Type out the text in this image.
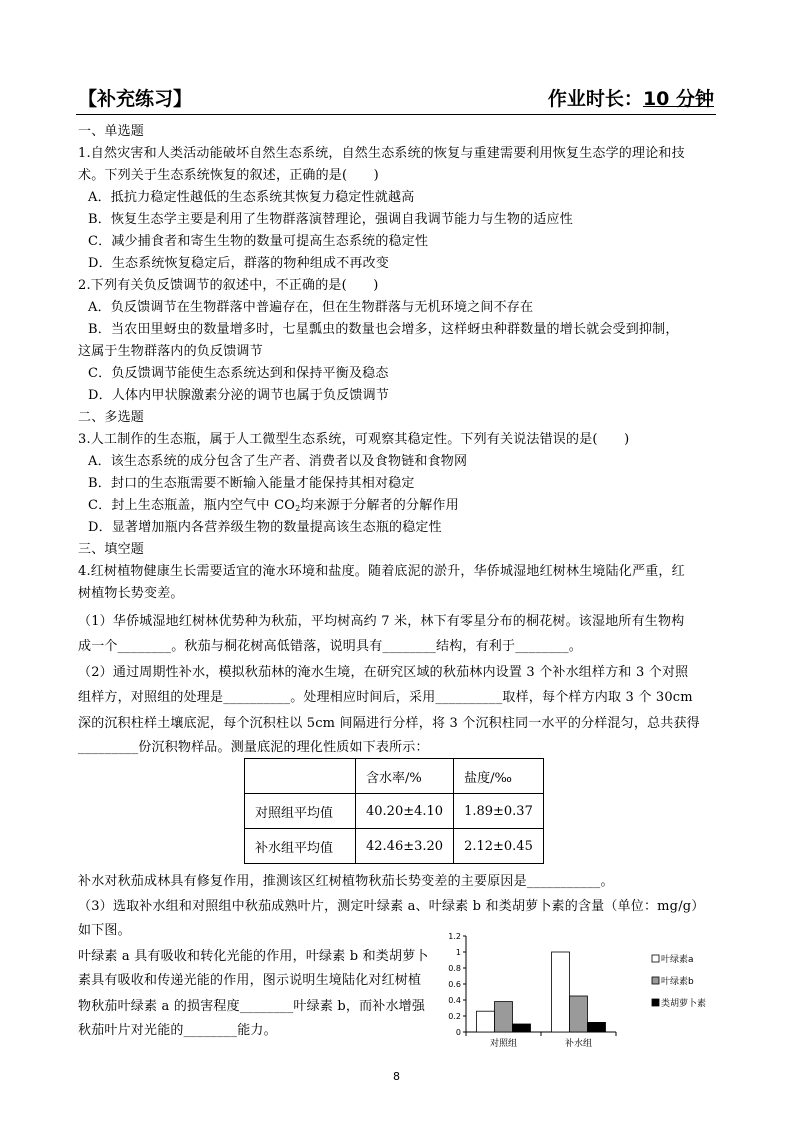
【补充练习】	作业时长：10 分钟
一、单选题
1.自然灾害和人类活动能破坏自然生态系统，自然生态系统的恢复与重建需要利用恢复生态学的理论和技
术。下列关于生态系统恢复的叙述，正确的是(　　)
A．抵抗力稳定性越低的生态系统其恢复力稳定性就越高
B．恢复生态学主要是利用了生物群落演替理论，强调自我调节能力与生物的适应性
C．减少捕食者和寄生生物的数量可提高生态系统的稳定性
D．生态系统恢复稳定后，群落的物种组成不再改变
2.下列有关负反馈调节的叙述中，不正确的是(　　)
A．负反馈调节在生物群落中普遍存在，但在生物群落与无机环境之间不存在
B．当农田里蚜虫的数量增多时，七星瓢虫的数量也会增多，这样蚜虫种群数量的增长就会受到抑制，
这属于生物群落内的负反馈调节
C．负反馈调节能使生态系统达到和保持平衡及稳态
D．人体内甲状腺激素分泌的调节也属于负反馈调节
二、多选题
3.人工制作的生态瓶，属于人工微型生态系统，可观察其稳定性。下列有关说法错误的是(　　)
A．该生态系统的成分包含了生产者、消费者以及食物链和食物网
B．封口的生态瓶需要不断输入能量才能保持其相对稳定
C．封上生态瓶盖，瓶内空气中 $CO_2$均来源于分解者的分解作用
D．显著增加瓶内各营养级生物的数量提高该生态瓶的稳定性
三、填空题
4.红树植物健康生长需要适宜的淹水环境和盐度。随着底泥的淤升，华侨城湿地红树林生境陆化严重，红
树植物长势变差。
（1）华侨城湿地红树林优势种为秋茄，平均树高约 7 米，林下有零星分布的桐花树。该湿地所有生物构
成一个________。秋茄与桐花树高低错落，说明具有________结构，有利于________。
（2）通过周期性补水，模拟秋茄林的淹水生境，在研究区域的秋茄林内设置 3 个补水组样方和 3 个对照
组样方，对照组的处理是__________。处理相应时间后，采用__________取样，每个样方内取 3 个 30cm
深的沉积柱样土壤底泥，每个沉积柱以 5cm 间隔进行分样，将 3 个沉积柱同一水平的分样混匀，总共获得
_________份沉积物样品。测量底泥的理化性质如下表所示：
	含水率/%	盐度/‰
对照组平均值	40.20±4.10	1.89±0.37
补水组平均值	42.46±3.20	2.12±0.45
补水对秋茄成林具有修复作用，推测该区红树植物秋茄长势变差的主要原因是___________。
（3）选取补水组和对照组中秋茄成熟叶片，测定叶绿素 a、叶绿素 b 和类胡萝卜素的含量（单位：mg/g）
如下图。
叶绿素 a 具有吸收和转化光能的作用，叶绿素 b 和类胡萝卜
素具有吸收和传递光能的作用，图示说明生境陆化对红树植
物秋茄叶绿素 a 的损害程度________叶绿素 b，而补水增强
秋茄叶片对光能的________能力。	0
0.2
0.4
0.6
0.8
1
1.2
对照组	补水组
叶绿素a
叶绿素b
类胡萝卜素
8
